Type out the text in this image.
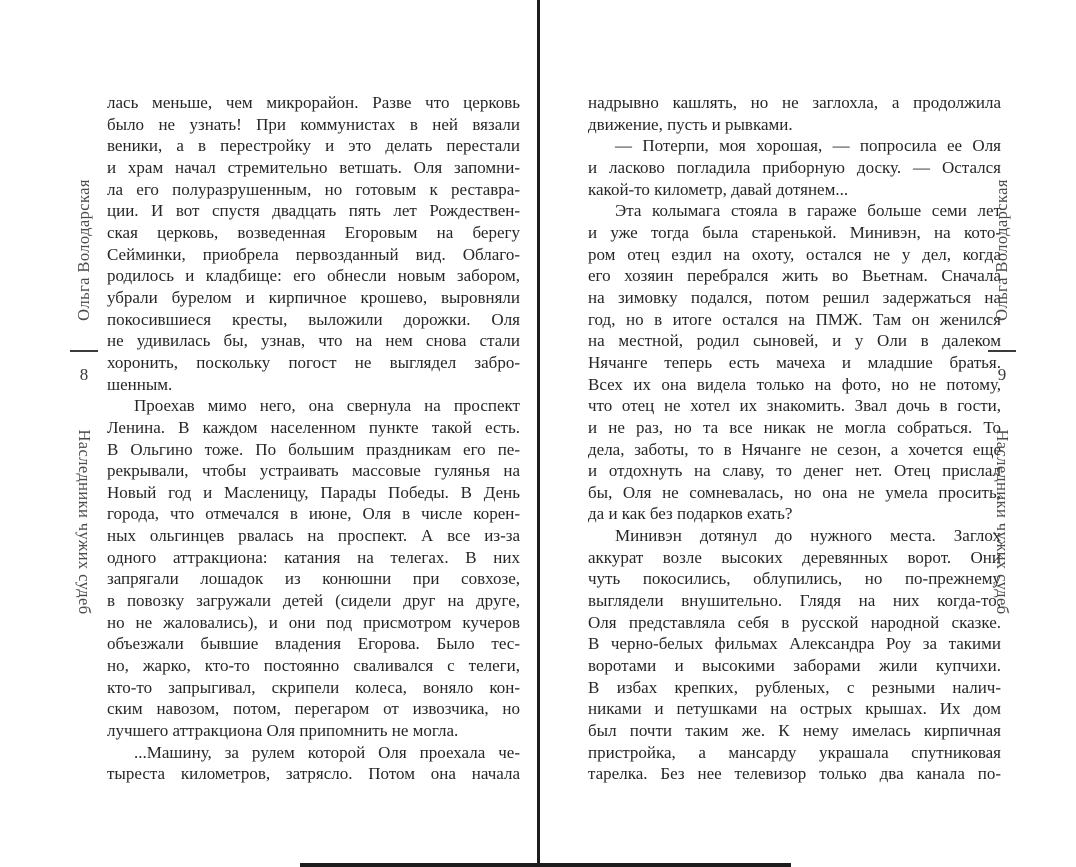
Ольга Володарская
8
Наследники чужих судеб
лась меньше, чем микрорайон. Разве что церковь
было не узнать! При коммунистах в ней вязали
веники, а в перестройку и это делать перестали
и храм начал стремительно ветшать. Оля запомни-
ла его полуразрушенным, но готовым к реставра-
ции. И вот спустя двадцать пять лет Рождествен-
ская церковь, возведенная Егоровым на берегу
Сейминки, приобрела первозданный вид. Облаго-
родилось и кладбище: его обнесли новым забором,
убрали бурелом и кирпичное крошево, выровняли
покосившиеся кресты, выложили дорожки. Оля
не удивилась бы, узнав, что на нем снова стали
хоронить, поскольку погост не выглядел забро-
шенным.
Проехав мимо него, она свернула на проспект
Ленина. В каждом населенном пункте такой есть.
В Ольгино тоже. По большим праздникам его пе-
рекрывали, чтобы устраивать массовые гулянья на
Новый год и Масленицу, Парады Победы. В День
города, что отмечался в июне, Оля в числе корен-
ных ольгинцев рвалась на проспект. А все из-за
одного аттракциона: катания на телегах. В них
запрягали лошадок из конюшни при совхозе,
в повозку загружали детей (сидели друг на друге,
но не жаловались), и они под присмотром кучеров
объезжали бывшие владения Егорова. Было тес-
но, жарко, кто-то постоянно сваливался с телеги,
кто-то запрыгивал, скрипели колеса, воняло кон-
ским навозом, потом, перегаром от извозчика, но
лучшего аттракциона Оля припомнить не могла.
...Машину, за рулем которой Оля проехала че-
тыреста километров, затрясло. Потом она начала
надрывно кашлять, но не заглохла, а продолжила
движение, пусть и рывками.
— Потерпи, моя хорошая, — попросила ее Оля
и ласково погладила приборную доску. — Остался
какой-то километр, давай дотянем...
Эта колымага стояла в гараже больше семи лет
и уже тогда была старенькой. Минивэн, на кото-
ром отец ездил на охоту, остался не у дел, когда
его хозяин перебрался жить во Вьетнам. Сначала
на зимовку подался, потом решил задержаться на
год, но в итоге остался на ПМЖ. Там он женился
на местной, родил сыновей, и у Оли в далеком
Нячанге теперь есть мачеха и младшие братья.
Всех их она видела только на фото, но не потому,
что отец не хотел их знакомить. Звал дочь в гости,
и не раз, но та все никак не могла собраться. То
дела, заботы, то в Нячанге не сезон, а хочется еще
и отдохнуть на славу, то денег нет. Отец прислал
бы, Оля не сомневалась, но она не умела просить,
да и как без подарков ехать?
Минивэн дотянул до нужного места. Заглох
аккурат возле высоких деревянных ворот. Они
чуть покосились, облупились, но по-прежнему
выглядели внушительно. Глядя на них когда-то,
Оля представляла себя в русской народной сказке.
В черно-белых фильмах Александра Роу за такими
воротами и высокими заборами жили купчихи.
В избах крепких, рубленых, с резными налич-
никами и петушками на острых крышах. Их дом
был почти таким же. К нему имелась кирпичная
пристройка, а мансарду украшала спутниковая
тарелка. Без нее телевизор только два канала по-
Ольга Володарская
9
Наследники чужих судеб
